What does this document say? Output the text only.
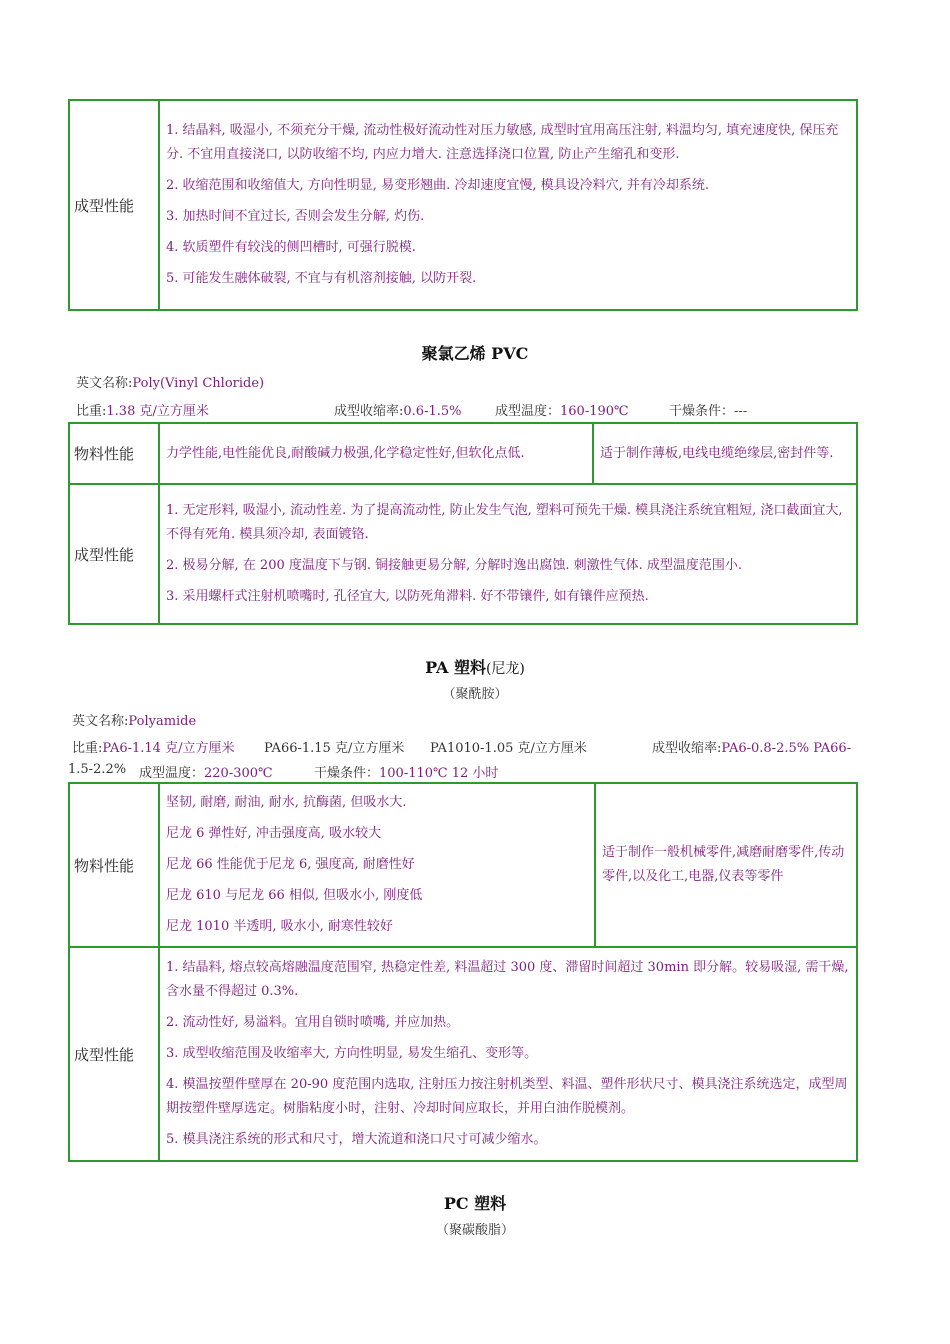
成型性能	

1. 结晶料, 吸湿小, 不须充分干燥, 流动性极好流动性对压力敏感, 成型时宜用高压注射, 料温均匀, 填充速度快, 保压充分. 不宜用直接浇口, 以防收缩不均, 内应力增大. 注意选择浇口位置, 防止产生缩孔和变形.

2. 收缩范围和收缩值大, 方向性明显, 易变形翘曲. 冷却速度宜慢, 模具设冷料穴, 并有冷却系统.

3. 加热时间不宜过长, 否则会发生分解, 灼伤.

4. 软质塑件有较浅的侧凹槽时, 可强行脱模.

5. 可能发生融体破裂, 不宜与有机溶剂接触, 以防开裂.

聚氯乙烯 PVC
英文名称:Poly(Vinyl Chloride)
比重:1.38 克/立方厘米	成型收缩率:0.6-1.5%	成型温度：160-190℃	干燥条件：---
物料性能	力学性能,电性能优良,耐酸碱力极强,化学稳定性好,但软化点低.	适于制作薄板,电线电缆绝缘层,密封件等.

成型性能	1. 无定形料, 吸湿小, 流动性差. 为了提高流动性, 防止发生气泡, 塑料可预先干燥. 模具浇注系统宜粗短, 浇口截面宜大, 不得有死角. 模具须冷却, 表面镀铬.

2. 极易分解, 在 200 度温度下与钢. 铜接触更易分解, 分解时逸出腐蚀. 刺激性气体. 成型温度范围小.

3. 采用螺杆式注射机喷嘴时, 孔径宜大, 以防死角滞料. 好不带镶件, 如有镶件应预热.	

PA 塑料(尼龙)
（聚酰胺）
英文名称:Polyamide
比重:PA6-1.14 克/立方厘米 PA66-1.15 克/立方厘米 PA1010-1.05 克/立方厘米	成型收缩率:PA6-0.8-2.5% PA66-
1.5-2.2% 成型温度：220-300℃	干燥条件：100-110℃ 12 小时
物料性能	坚韧, 耐磨, 耐油, 耐水, 抗酶菌, 但吸水大.

尼龙 6 弹性好, 冲击强度高, 吸水较大

尼龙 66 性能优于尼龙 6, 强度高, 耐磨性好

尼龙 610 与尼龙 66 相似, 但吸水小, 刚度低

尼龙 1010 半透明, 吸水小, 耐寒性较好	适于制作一般机械零件,减磨耐磨零件,传动零件,以及化工,电器,仪表等零件

成型性能	1. 结晶料, 熔点较高熔融温度范围窄, 热稳定性差, 料温超过 300 度、滞留时间超过 30min 即分解。较易吸湿, 需干燥, 含水量不得超过 0.3%.

2. 流动性好, 易溢料。宜用自锁时喷嘴, 并应加热。

3. 成型收缩范围及收缩率大, 方向性明显, 易发生缩孔、变形等。

4. 模温按塑件壁厚在 20-90 度范围内选取, 注射压力按注射机类型、料温、塑件形状尺寸、模具浇注系统选定，成型周期按塑件壁厚选定。树脂粘度小时，注射、冷却时间应取长，并用白油作脱模剂。

5. 模具浇注系统的形式和尺寸，增大流道和浇口尺寸可减少缩水。	

PC 塑料
（聚碳酸脂）
